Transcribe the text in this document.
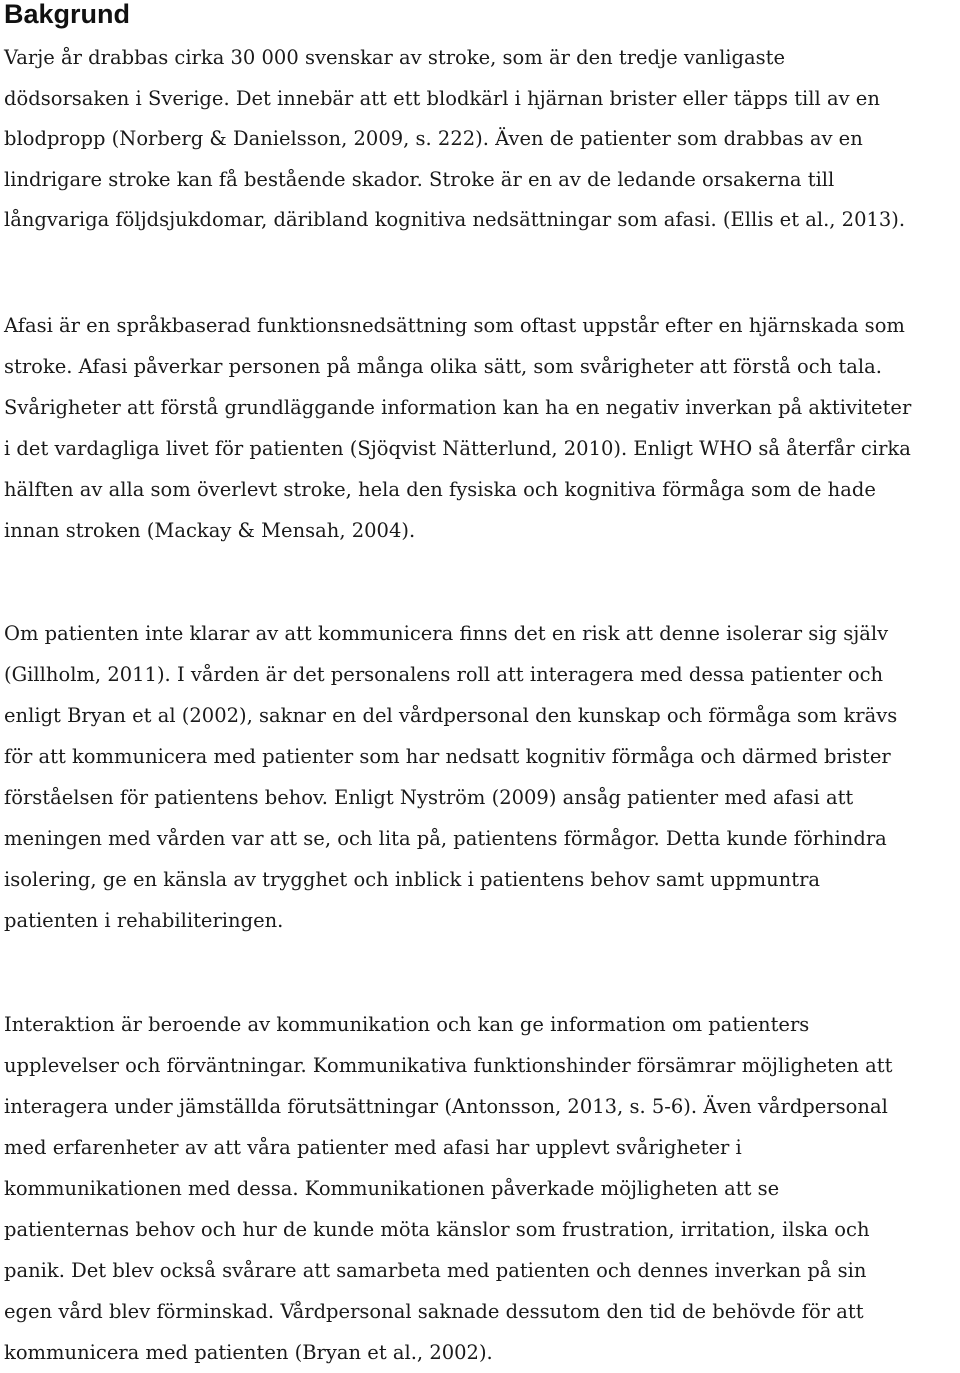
Bakgrund

Varje år drabbas cirka 30 000 svenskar av stroke, som är den tredje vanligaste
dödsorsaken i Sverige. Det innebär att ett blodkärl i hjärnan brister eller täpps till av en
blodpropp (Norberg & Danielsson, 2009, s. 222). Även de patienter som drabbas av en
lindrigare stroke kan få bestående skador. Stroke är en av de ledande orsakerna till
långvariga följdsjukdomar, däribland kognitiva nedsättningar som afasi. (Ellis et al., 2013).

Afasi är en språkbaserad funktionsnedsättning som oftast uppstår efter en hjärnskada som
stroke. Afasi påverkar personen på många olika sätt, som svårigheter att förstå och tala.
Svårigheter att förstå grundläggande information kan ha en negativ inverkan på aktiviteter
i det vardagliga livet för patienten (Sjöqvist Nätterlund, 2010). Enligt WHO så återfår cirka
hälften av alla som överlevt stroke, hela den fysiska och kognitiva förmåga som de hade
innan stroken (Mackay & Mensah, 2004).

Om patienten inte klarar av att kommunicera finns det en risk att denne isolerar sig själv
(Gillholm, 2011). I vården är det personalens roll att interagera med dessa patienter och
enligt Bryan et al (2002), saknar en del vårdpersonal den kunskap och förmåga som krävs
för att kommunicera med patienter som har nedsatt kognitiv förmåga och därmed brister
förståelsen för patientens behov. Enligt Nyström (2009) ansåg patienter med afasi att
meningen med vården var att se, och lita på, patientens förmågor. Detta kunde förhindra
isolering, ge en känsla av trygghet och inblick i patientens behov samt uppmuntra
patienten i rehabiliteringen.

Interaktion är beroende av kommunikation och kan ge information om patienters
upplevelser och förväntningar. Kommunikativa funktionshinder försämrar möjligheten att
interagera under jämställda förutsättningar (Antonsson, 2013, s. 5-6). Även vårdpersonal
med erfarenheter av att våra patienter med afasi har upplevt svårigheter i
kommunikationen med dessa. Kommunikationen påverkade möjligheten att se
patienternas behov och hur de kunde möta känslor som frustration, irritation, ilska och
panik. Det blev också svårare att samarbeta med patienten och dennes inverkan på sin
egen vård blev förminskad. Vårdpersonal saknade dessutom den tid de behövde för att
kommunicera med patienten (Bryan et al., 2002).
